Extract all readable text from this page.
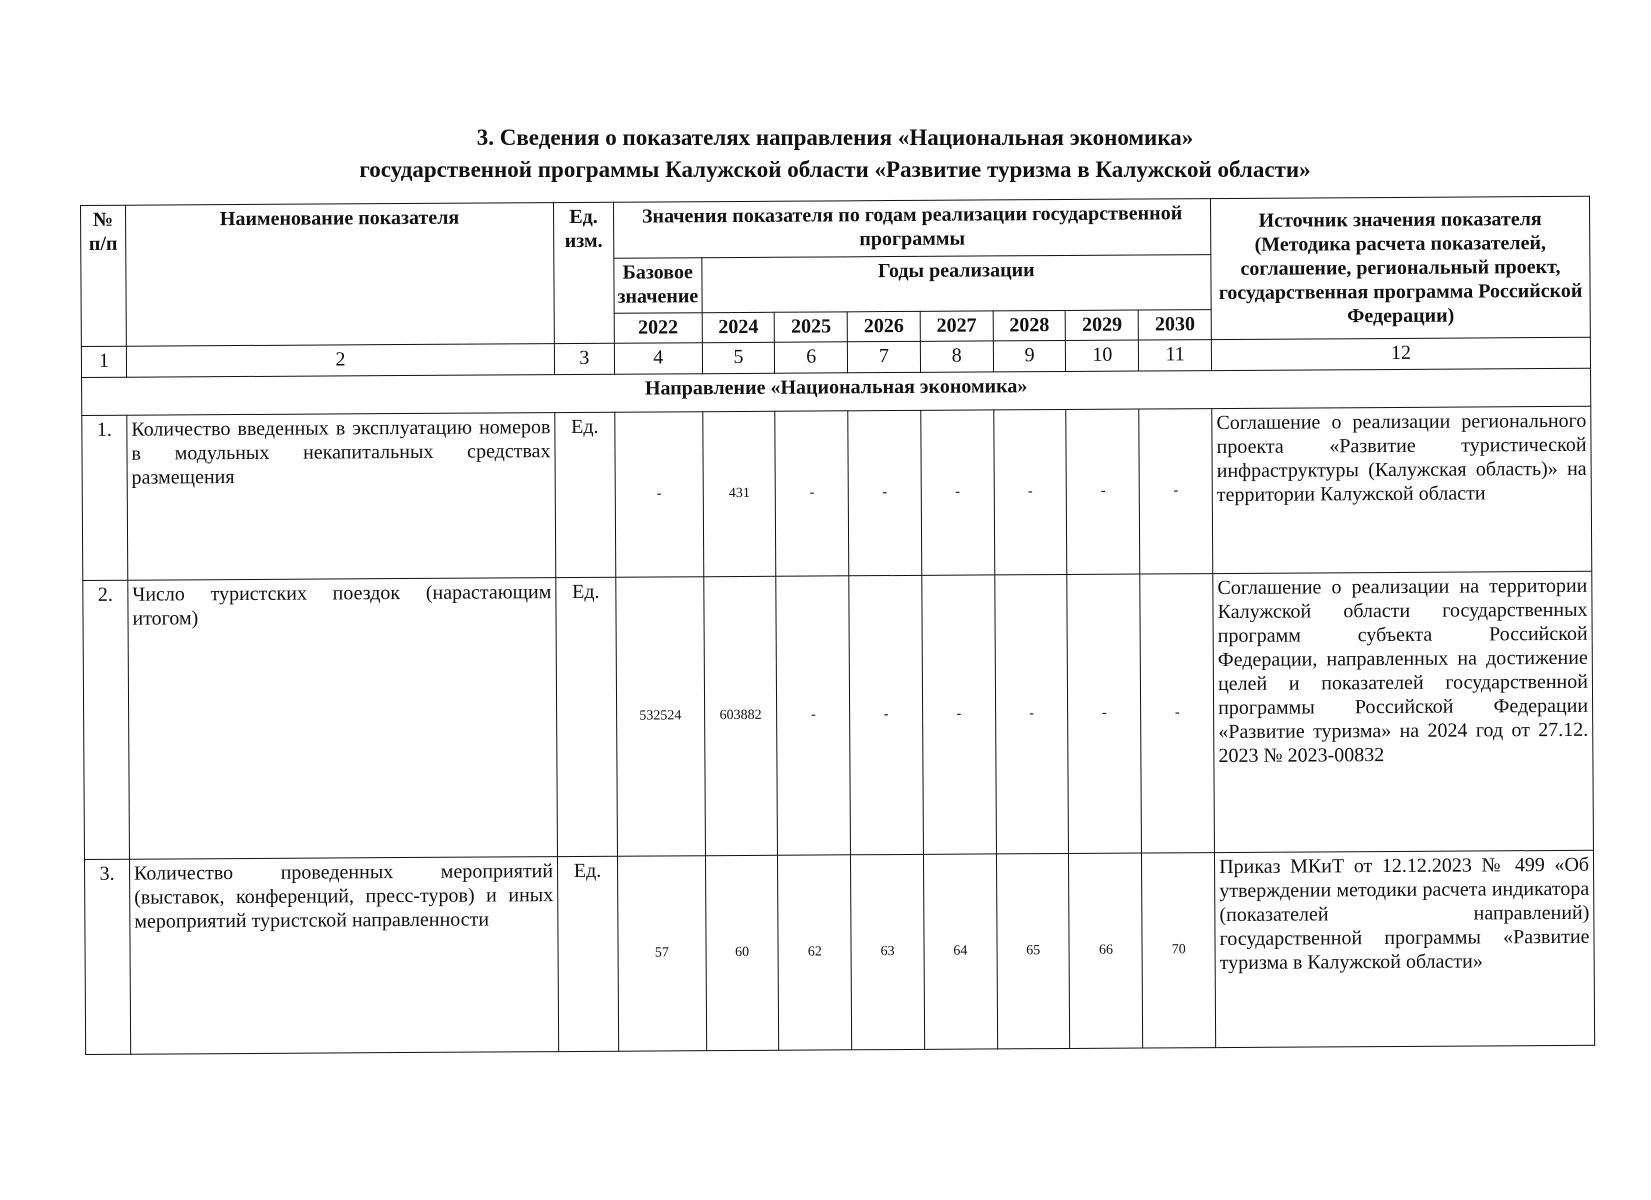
3. Сведения о показателях направления «Национальная экономика»
государственной программы Калужской области «Развитие туризма в Калужской области»
№ п/п	Наименование показателя	Ед. изм.	Значения показателя по годам реализации государственной программы								Источник значения показателя (Методика расчета показателей, соглашение, региональный проект, государственная программа Российской Федерации)
			Базовое значение	Годы реализации							

			2022	2024	2025	2026	2027	2028	2029	2030	
1	2	3	4	5	6	7	8	9	10	11	12
Направление «Национальная экономика»											
1.	Количество введенных в эксплуатацию номеров в модульных некапитальных средствах размещения	Ед.	-	431	-	-	-	-	-	-	Соглашение о реализации регионального проекта «Развитие туристической инфраструктуры (Калужская область)» на территории Калужской области
2.	Число туристских поездок (нарастающим итогом)	Ед.	532524	603882	-	-	-	-	-	-	Соглашение о реализации на территории Калужской области государственных программ субъекта Российской Федерации, направленных на достижение целей и показателей государственной программы Российской Федерации «Развитие туризма» на 2024 год от 27.12. 2023 № 2023-00832
3.	Количество проведенных мероприятий (выставок, конференций, пресс-туров) и иных мероприятий туристской направленности	Ед.	57	60	62	63	64	65	66	70	Приказ МКиТ от 12.12.2023 № 499 «Об утверждении методики расчета индикатора (показателей направлений) государственной программы «Развитие туризма в Калужской области»
